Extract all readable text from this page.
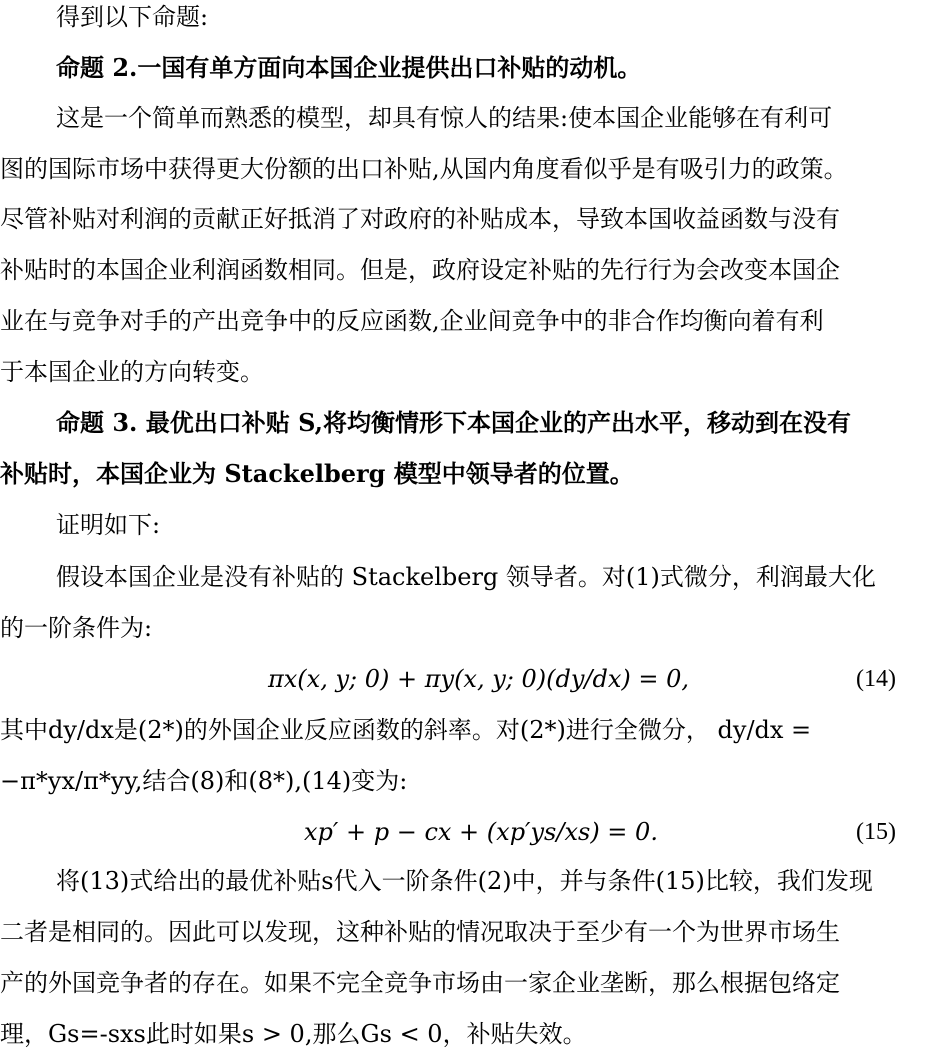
得到以下命题:
命题 2.一国有单方面向本国企业提供出口补贴的动机。
这是一个简单而熟悉的模型，却具有惊人的结果:使本国企业能够在有利可
图的国际市场中获得更大份额的出口补贴,从国内角度看似乎是有吸引力的政策。
尽管补贴对利润的贡献正好抵消了对政府的补贴成本，导致本国收益函数与没有
补贴时的本国企业利润函数相同。但是，政府设定补贴的先行行为会改变本国企
业在与竞争对手的产出竞争中的反应函数,企业间竞争中的非合作均衡向着有利
于本国企业的方向转变。
命题 3. 最优出口补贴 S,将均衡情形下本国企业的产出水平，移动到在没有
补贴时，本国企业为 Stackelberg 模型中领导者的位置。
证明如下:
假设本国企业是没有补贴的 Stackelberg 领导者。对(1)式微分，利润最大化
的一阶条件为:
πx(x, y; 0) + πy(x, y; 0)(dy/dx) = 0,	(14)
其中dy/dx是(2*)的外国企业反应函数的斜率。对(2*)进行全微分， dy/dx =
−π*yx/π*yy,结合(8)和(8*),(14)变为:
xp′ + p − cx + (xp′ys/xs) = 0.	(15)
将(13)式给出的最优补贴s代入一阶条件(2)中，并与条件(15)比较，我们发现
二者是相同的。因此可以发现，这种补贴的情况取决于至少有一个为世界市场生
产的外国竞争者的存在。如果不完全竞争市场由一家企业垄断，那么根据包络定
理，Gs=-sxs此时如果s > 0,那么Gs < 0，补贴失效。
